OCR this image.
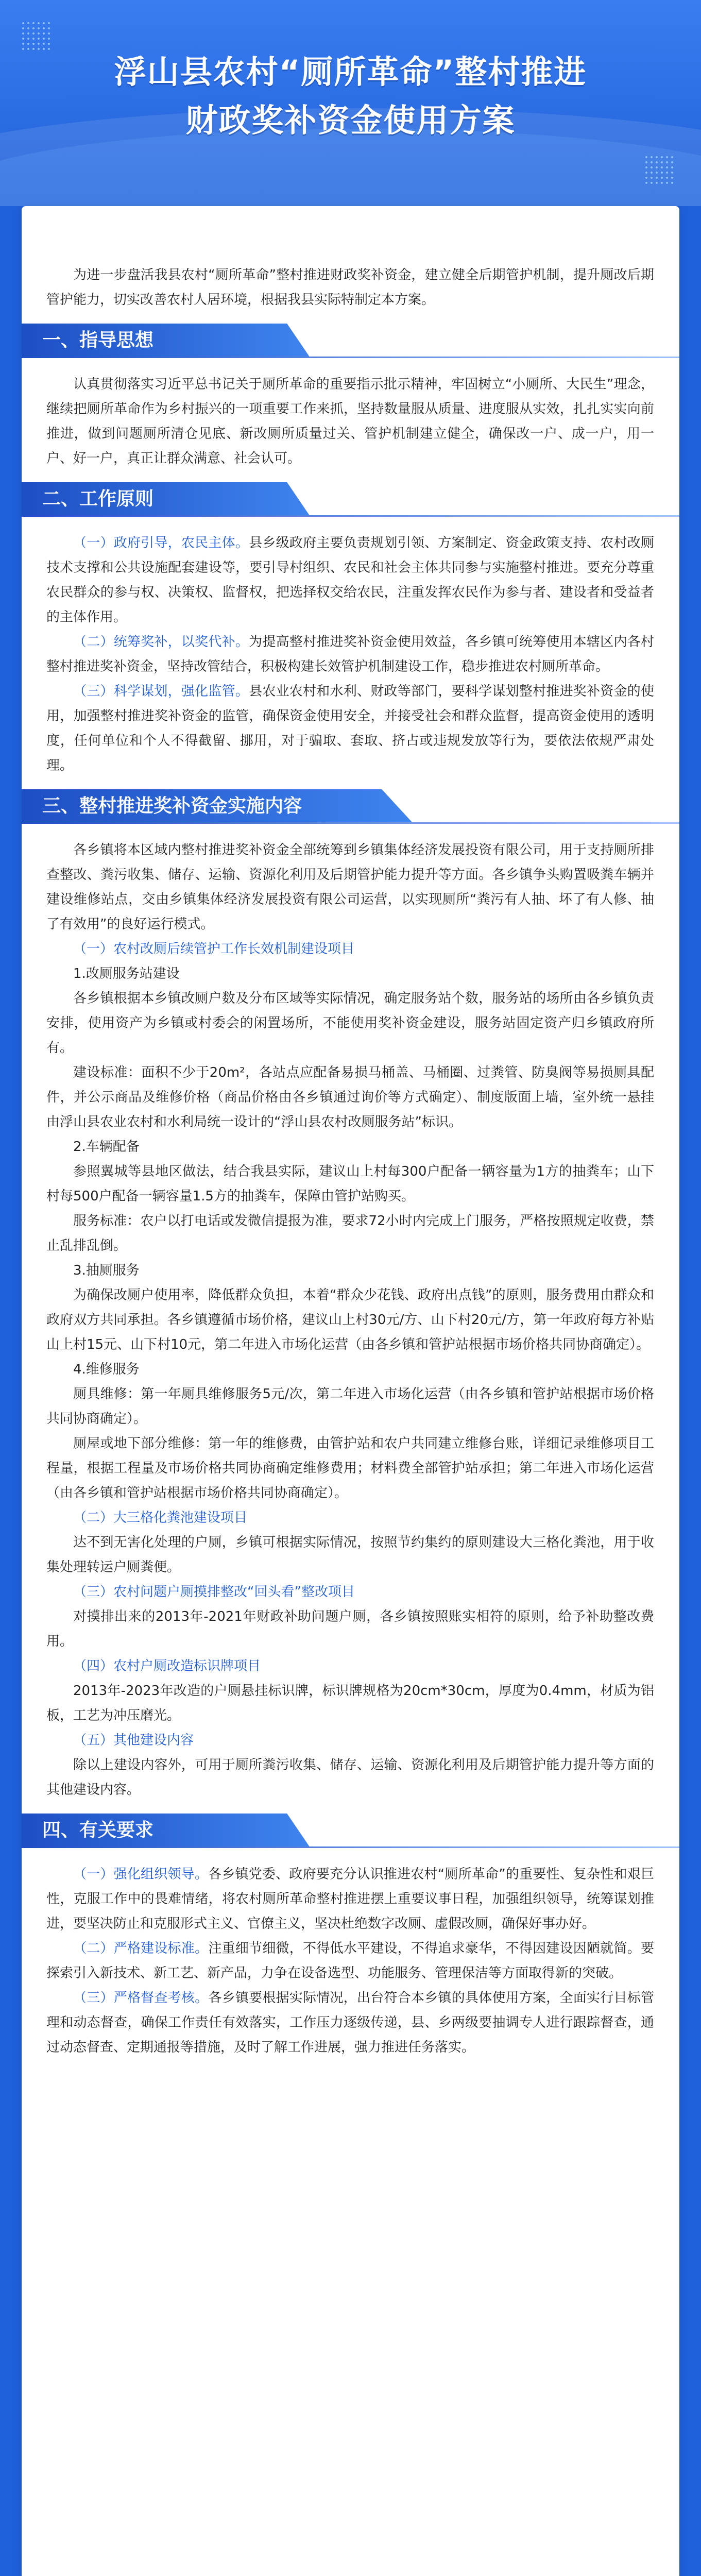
浮山县农村“厕所革命”整村推进
财政奖补资金使用方案

为进一步盘活我县农村“厕所革命”整村推进财政奖补资金，建立健全后期管护机制，提升厕改后期管护能力，切实改善农村人居环境，根据我县实际特制定本方案。

一、指导思想

认真贯彻落实习近平总书记关于厕所革命的重要指示批示精神，牢固树立“小厕所、大民生”理念，继续把厕所革命作为乡村振兴的一项重要工作来抓，坚持数量服从质量、进度服从实效，扎扎实实向前推进，做到问题厕所清仓见底、新改厕所质量过关、管护机制建立健全，确保改一户、成一户，用一户、好一户，真正让群众满意、社会认可。

二、工作原则

（一）政府引导，农民主体。县乡级政府主要负责规划引领、方案制定、资金政策支持、农村改厕技术支撑和公共设施配套建设等，要引导村组织、农民和社会主体共同参与实施整村推进。要充分尊重农民群众的参与权、决策权、监督权，把选择权交给农民，注重发挥农民作为参与者、建设者和受益者的主体作用。

（二）统筹奖补，以奖代补。为提高整村推进奖补资金使用效益，各乡镇可统筹使用本辖区内各村整村推进奖补资金，坚持改管结合，积极构建长效管护机制建设工作，稳步推进农村厕所革命。

（三）科学谋划，强化监管。县农业农村和水利、财政等部门，要科学谋划整村推进奖补资金的使用，加强整村推进奖补资金的监管，确保资金使用安全，并接受社会和群众监督，提高资金使用的透明度，任何单位和个人不得截留、挪用，对于骗取、套取、挤占或违规发放等行为，要依法依规严肃处理。

三、整村推进奖补资金实施内容

各乡镇将本区域内整村推进奖补资金全部统筹到乡镇集体经济发展投资有限公司，用于支持厕所排查整改、粪污收集、储存、运输、资源化利用及后期管护能力提升等方面。各乡镇争头购置吸粪车辆并建设维修站点，交由乡镇集体经济发展投资有限公司运营，以实现厕所“粪污有人抽、坏了有人修、抽了有效用”的良好运行模式。

（一）农村改厕后续管护工作长效机制建设项目

1.改厕服务站建设

各乡镇根据本乡镇改厕户数及分布区域等实际情况，确定服务站个数，服务站的场所由各乡镇负责安排，使用资产为乡镇或村委会的闲置场所，不能使用奖补资金建设，服务站固定资产归乡镇政府所有。

建设标准：面积不少于20m²，各站点应配备易损马桶盖、马桶圈、过粪管、防臭阀等易损厕具配件，并公示商品及维修价格（商品价格由各乡镇通过询价等方式确定）、制度版面上墙，室外统一悬挂由浮山县农业农村和水利局统一设计的“浮山县农村改厕服务站”标识。

2.车辆配备

参照翼城等县地区做法，结合我县实际，建议山上村每300户配备一辆容量为1方的抽粪车；山下村每500户配备一辆容量1.5方的抽粪车，保障由管护站购买。

服务标准：农户以打电话或发微信提报为准，要求72小时内完成上门服务，严格按照规定收费，禁止乱排乱倒。

3.抽厕服务

为确保改厕户使用率，降低群众负担，本着“群众少花钱、政府出点钱”的原则，服务费用由群众和政府双方共同承担。各乡镇遵循市场价格，建议山上村30元/方、山下村20元/方，第一年政府每方补贴山上村15元、山下村10元，第二年进入市场化运营（由各乡镇和管护站根据市场价格共同协商确定）。

4.维修服务

厕具维修：第一年厕具维修服务5元/次，第二年进入市场化运营（由各乡镇和管护站根据市场价格共同协商确定）。

厕屋或地下部分维修：第一年的维修费，由管护站和农户共同建立维修台账，详细记录维修项目工程量，根据工程量及市场价格共同协商确定维修费用；材料费全部管护站承担；第二年进入市场化运营（由各乡镇和管护站根据市场价格共同协商确定）。

（二）大三格化粪池建设项目

达不到无害化处理的户厕，乡镇可根据实际情况，按照节约集约的原则建设大三格化粪池，用于收集处理转运户厕粪便。

（三）农村问题户厕摸排整改“回头看”整改项目

对摸排出来的2013年-2021年财政补助问题户厕，各乡镇按照账实相符的原则，给予补助整改费用。

（四）农村户厕改造标识牌项目

2013年-2023年改造的户厕悬挂标识牌，标识牌规格为20cm*30cm，厚度为0.4mm，材质为铝板，工艺为冲压磨光。

（五）其他建设内容

除以上建设内容外，可用于厕所粪污收集、储存、运输、资源化利用及后期管护能力提升等方面的其他建设内容。

四、有关要求

（一）强化组织领导。各乡镇党委、政府要充分认识推进农村“厕所革命”的重要性、复杂性和艰巨性，克服工作中的畏难情绪，将农村厕所革命整村推进摆上重要议事日程，加强组织领导，统筹谋划推进，要坚决防止和克服形式主义、官僚主义，坚决杜绝数字改厕、虚假改厕，确保好事办好。

（二）严格建设标准。注重细节细微，不得低水平建设，不得追求豪华，不得因建设因陋就简。要探索引入新技术、新工艺、新产品，力争在设备选型、功能服务、管理保洁等方面取得新的突破。

（三）严格督查考核。各乡镇要根据实际情况，出台符合本乡镇的具体使用方案，全面实行目标管理和动态督查，确保工作责任有效落实，工作压力逐级传递，县、乡两级要抽调专人进行跟踪督查，通过动态督查、定期通报等措施，及时了解工作进展，强力推进任务落实。
